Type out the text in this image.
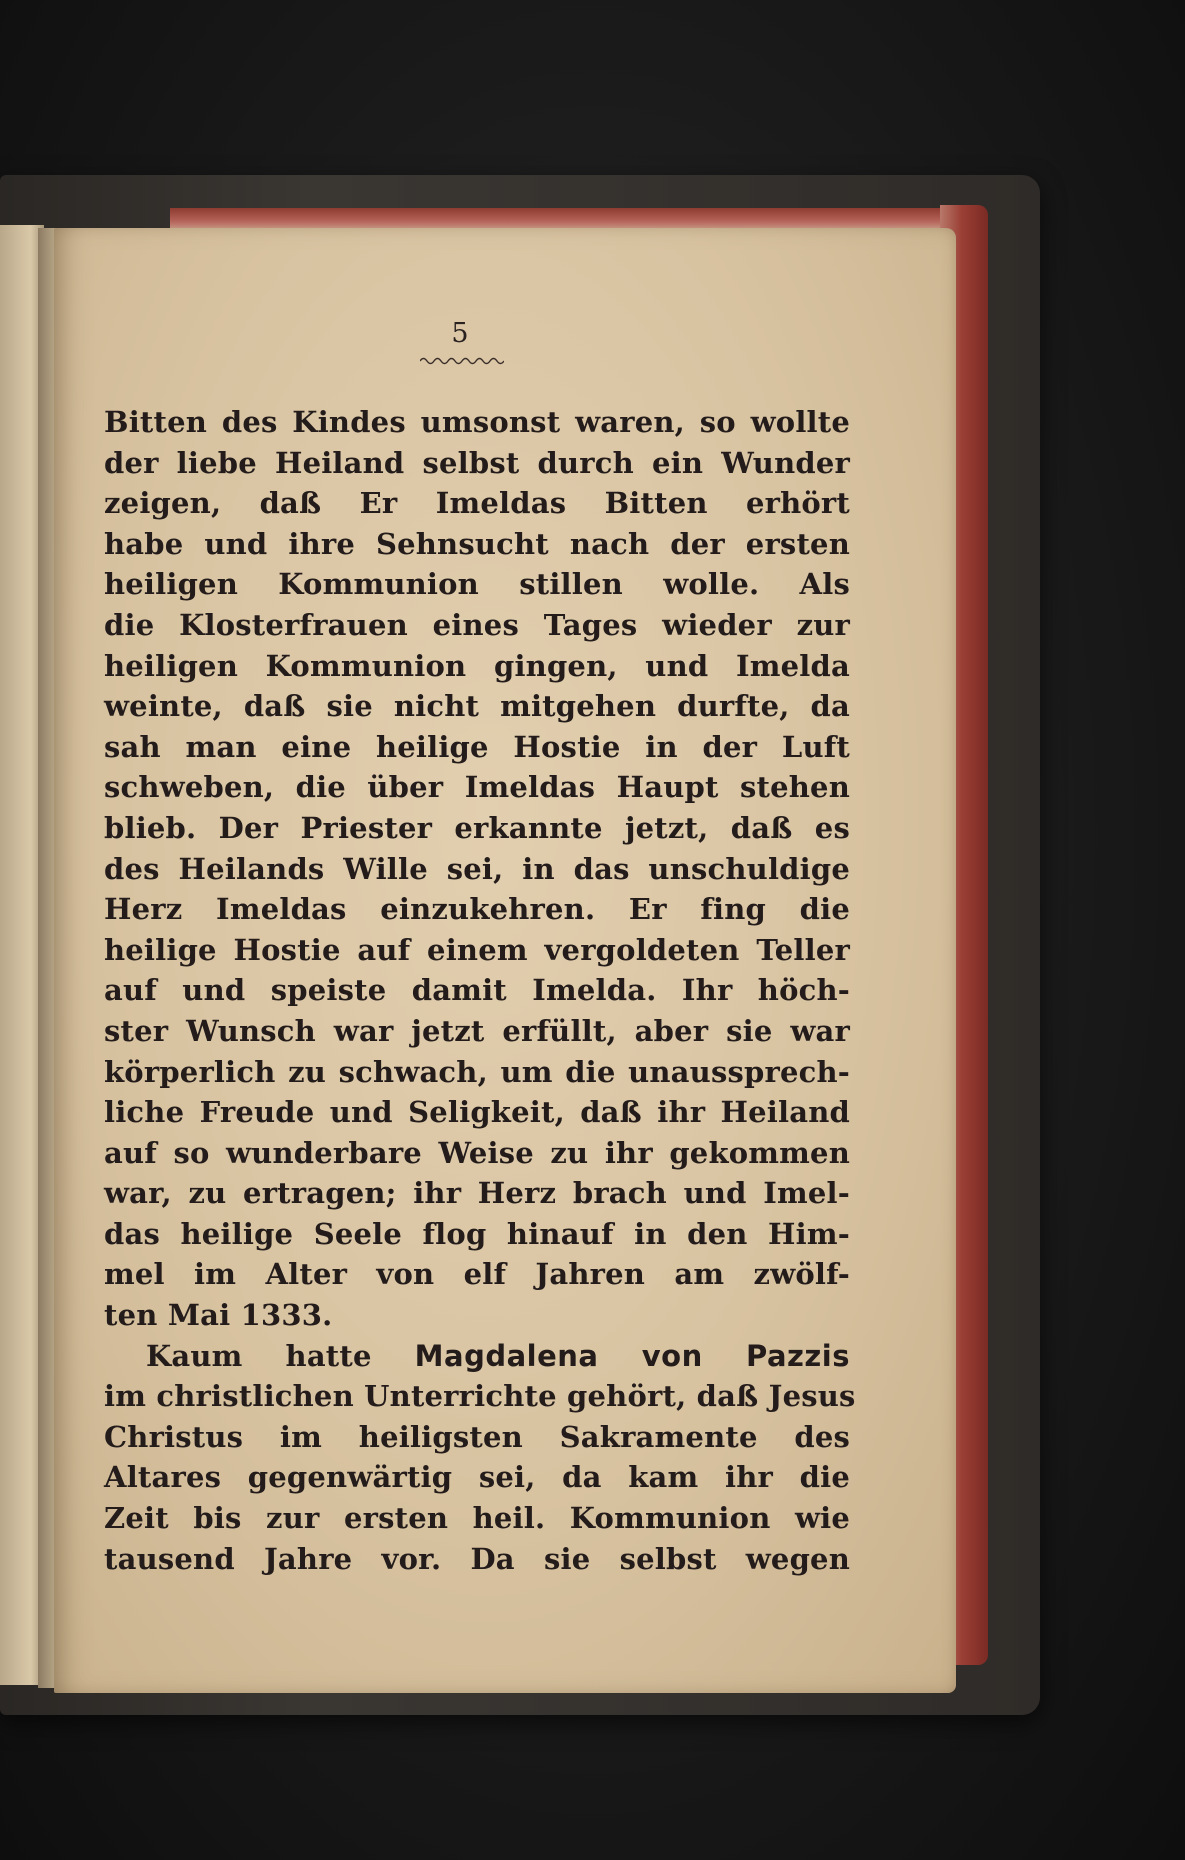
5
Bitten des Kindes umsonst waren, so wollte
der liebe Heiland selbst durch ein Wunder
zeigen, daß Er Imeldas Bitten erhört
habe und ihre Sehnsucht nach der ersten
heiligen Kommunion stillen wolle. Als
die Klosterfrauen eines Tages wieder zur
heiligen Kommunion gingen, und Imelda
weinte, daß sie nicht mitgehen durfte, da
sah man eine heilige Hostie in der Luft
schweben, die über Imeldas Haupt stehen
blieb. Der Priester erkannte jetzt, daß es
des Heilands Wille sei, in das unschuldige
Herz Imeldas einzukehren. Er fing die
heilige Hostie auf einem vergoldeten Teller
auf und speiste damit Imelda. Ihr höch-
ster Wunsch war jetzt erfüllt, aber sie war
körperlich zu schwach, um die unaussprech-
liche Freude und Seligkeit, daß ihr Heiland
auf so wunderbare Weise zu ihr gekommen
war, zu ertragen; ihr Herz brach und Imel-
das heilige Seele flog hinauf in den Him-
mel im Alter von elf Jahren am zwölf-
ten Mai 1333.
Kaum hatte Magdalena von Pazzis
im christlichen Unterrichte gehört, daß Jesus
Christus im heiligsten Sakramente des
Altares gegenwärtig sei, da kam ihr die
Zeit bis zur ersten heil. Kommunion wie
tausend Jahre vor. Da sie selbst wegen
